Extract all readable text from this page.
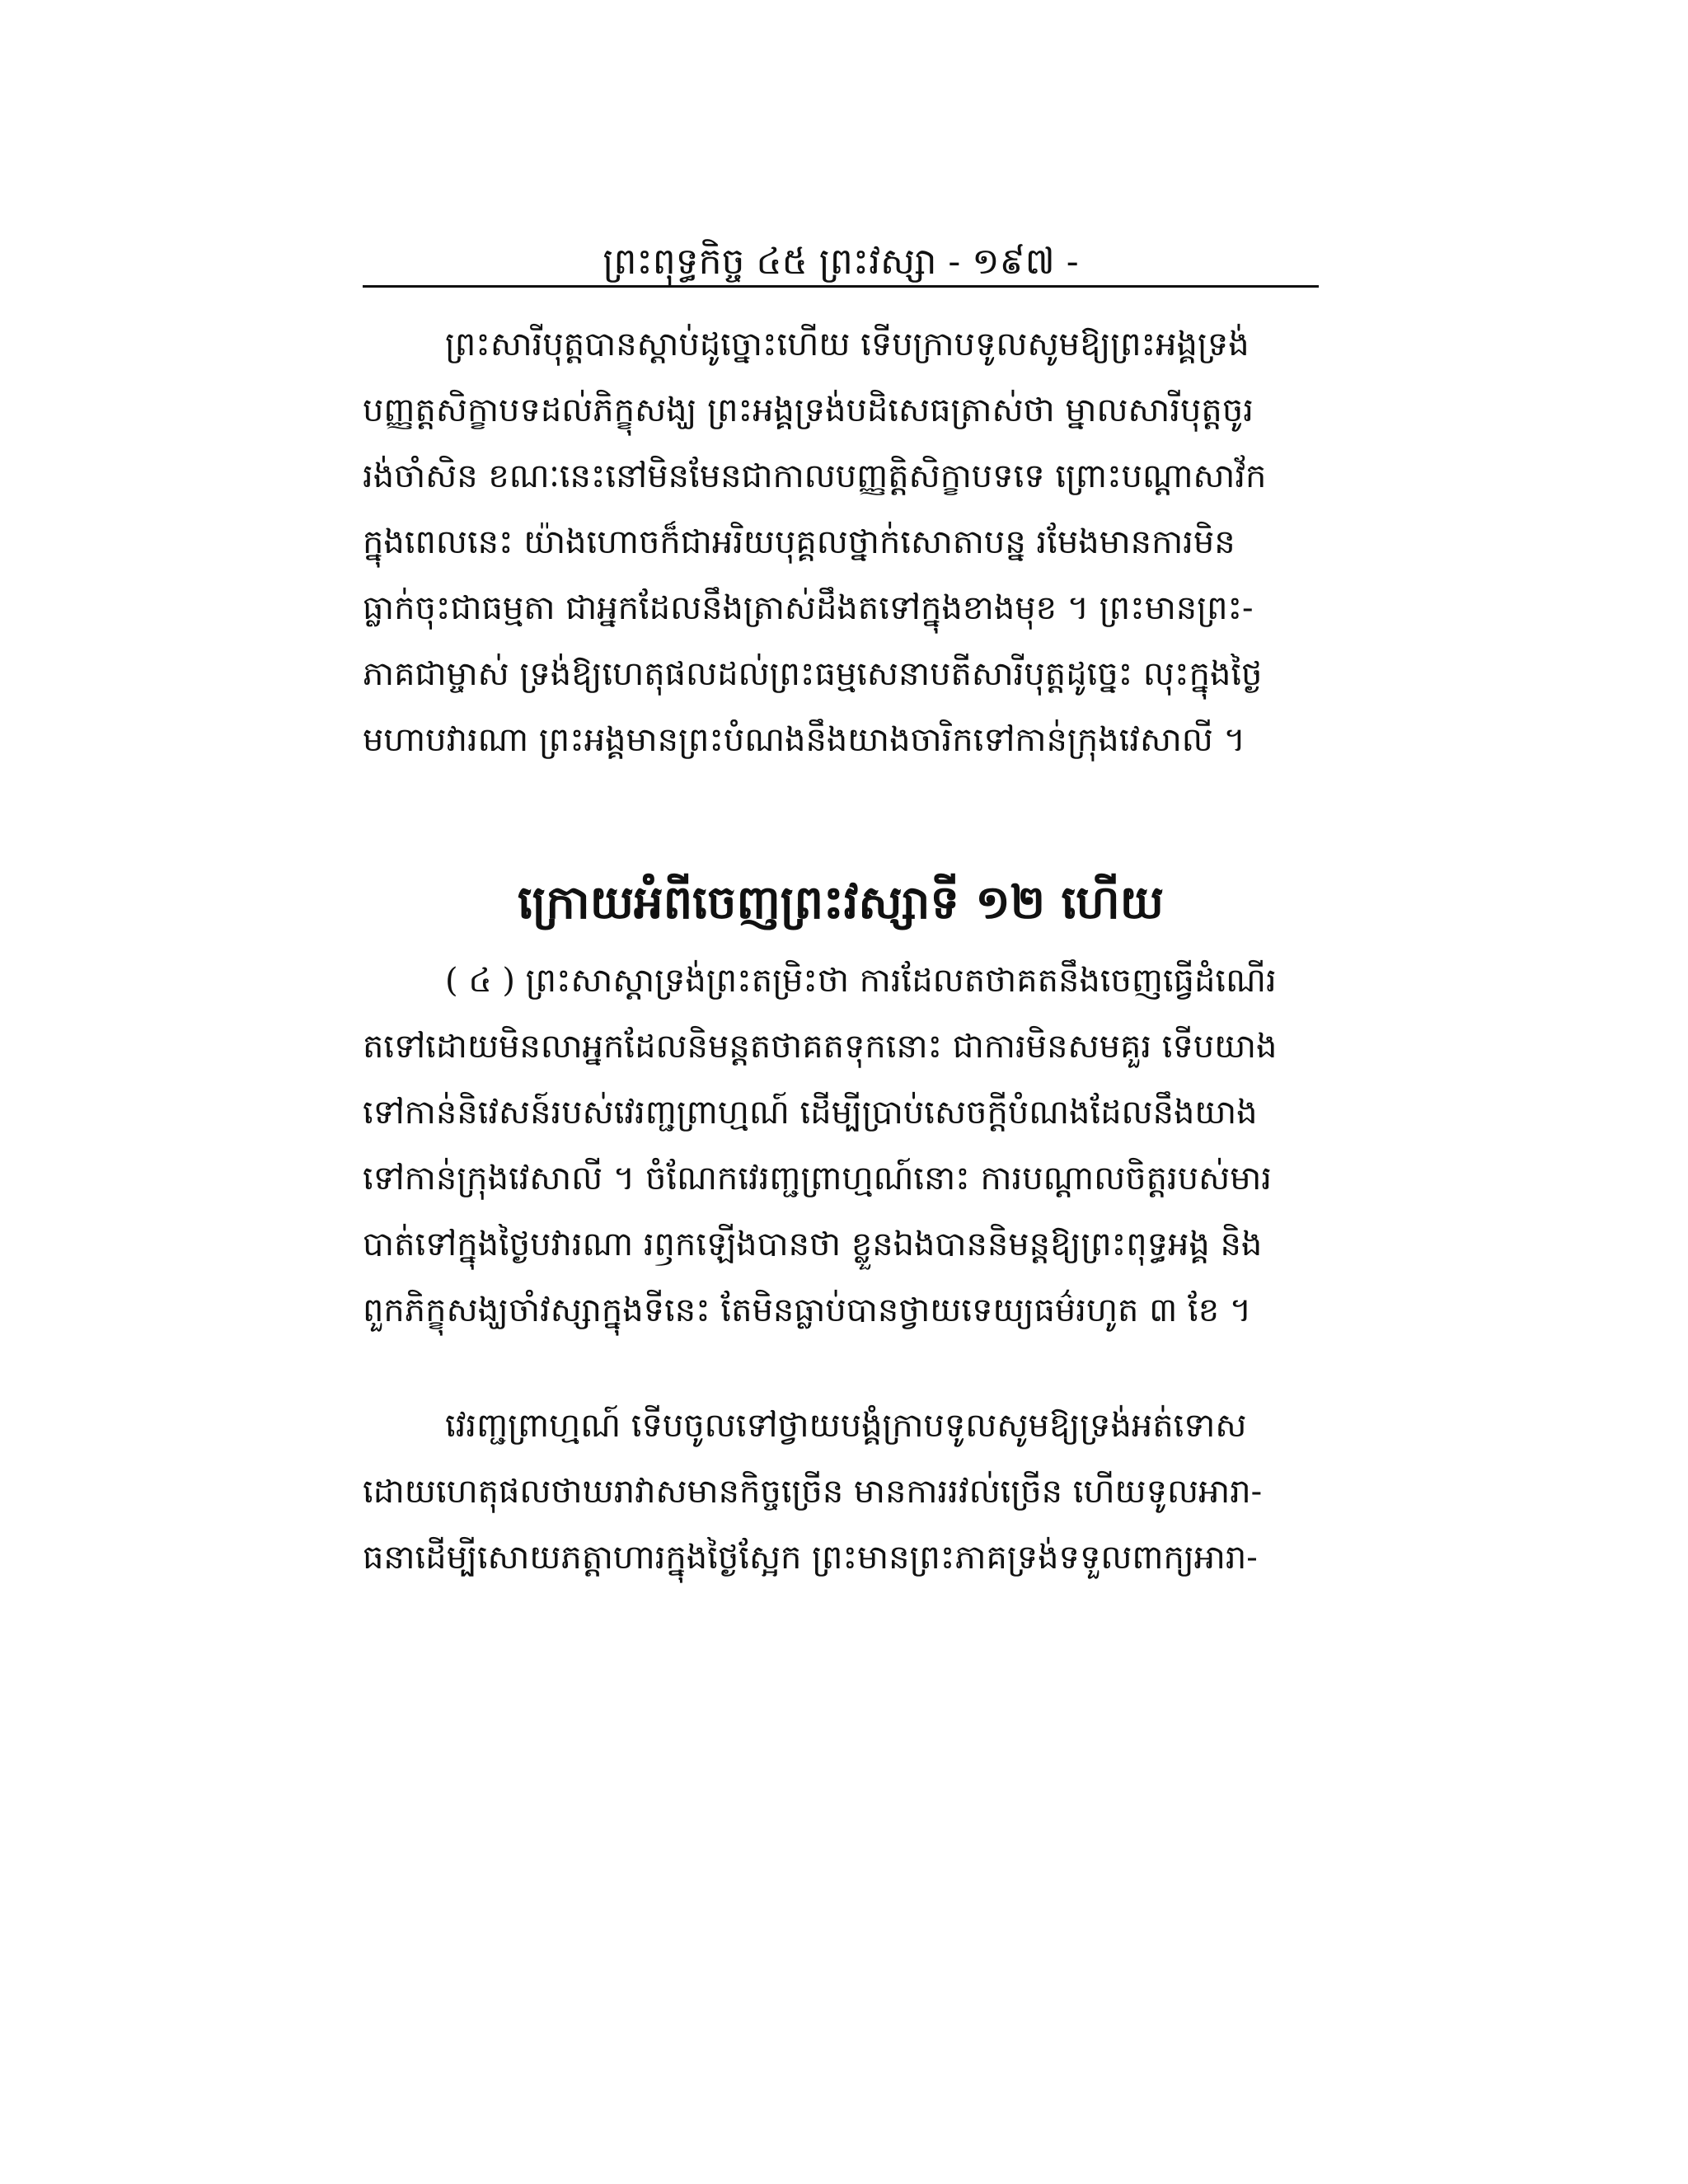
ព្រះពុទ្ធកិច្ច ៤៥ ព្រះវស្សា - ១៩៧ -
ព្រះសារីបុត្តបានស្តាប់ដូច្នោះហើយ ទើបក្រាបទូលសូមឱ្យព្រះអង្គទ្រង់
បញ្ញត្តសិក្ខាបទដល់ភិក្ខុសង្ឃ ព្រះអង្គទ្រង់បដិសេធត្រាស់ថា ម្នាលសារីបុត្តចូរ
រង់ចាំសិន ខណៈនេះនៅមិនមែនជាកាលបញ្ញត្តិសិក្ខាបទទេ ព្រោះបណ្តាសាវ័ក
ក្នុងពេលនេះ យ៉ាងហោចក៏ជាអរិយបុគ្គលថ្នាក់សោតាបន្ន រមែងមានការមិន
ធ្លាក់ចុះជាធម្មតា ជាអ្នកដែលនឹងត្រាស់ដឹងតទៅក្នុងខាងមុខ ។ ព្រះមានព្រះ-
ភាគជាម្ចាស់ ទ្រង់ឱ្យហេតុផលដល់ព្រះធម្មសេនាបតីសារីបុត្តដូច្នេះ លុះក្នុងថ្ងៃ
មហាបវារណា ព្រះអង្គមានព្រះបំណងនឹងយាងចារិកទៅកាន់ក្រុងវេសាលី ។
ក្រោយអំពីចេញព្រះវស្សាទី ១២ ហើយ
( ៤ ) ព្រះសាស្តាទ្រង់ព្រះតម្រិះថា ការដែលតថាគតនឹងចេញធ្វើដំណើរ
តទៅដោយមិនលាអ្នកដែលនិមន្តតថាគតទុកនោះ ជាការមិនសមគួរ ទើបយាង
ទៅកាន់និវេសន៍របស់វេរញ្ជព្រាហ្មណ៍ ដើម្បីប្រាប់សេចក្តីបំណងដែលនឹងយាង
ទៅកាន់ក្រុងវេសាលី ។ ចំណែកវេរញ្ជព្រាហ្មណ៍នោះ ការបណ្តាលចិត្តរបស់មារ
បាត់ទៅក្នុងថ្ងៃបវារណា រឭកឡើងបានថា ខ្លួនឯងបាននិមន្តឱ្យព្រះពុទ្ធអង្គ និង
ពួកភិក្ខុសង្ឃចាំវស្សាក្នុងទីនេះ តែមិនធ្លាប់បានថ្វាយទេយ្យធម៌រហូត ៣ ខែ ។
វេរញ្ជព្រាហ្មណ៍ ទើបចូលទៅថ្វាយបង្គំក្រាបទូលសូមឱ្យទ្រង់អត់ទោស
ដោយហេតុផលថាឃរាវាសមានកិច្ចច្រើន មានការរវល់ច្រើន ហើយទូលអារា-
ធនាដើម្បីសោយភត្តាហារក្នុងថ្ងៃស្អែក ព្រះមានព្រះភាគទ្រង់ទទួលពាក្យអារា-
